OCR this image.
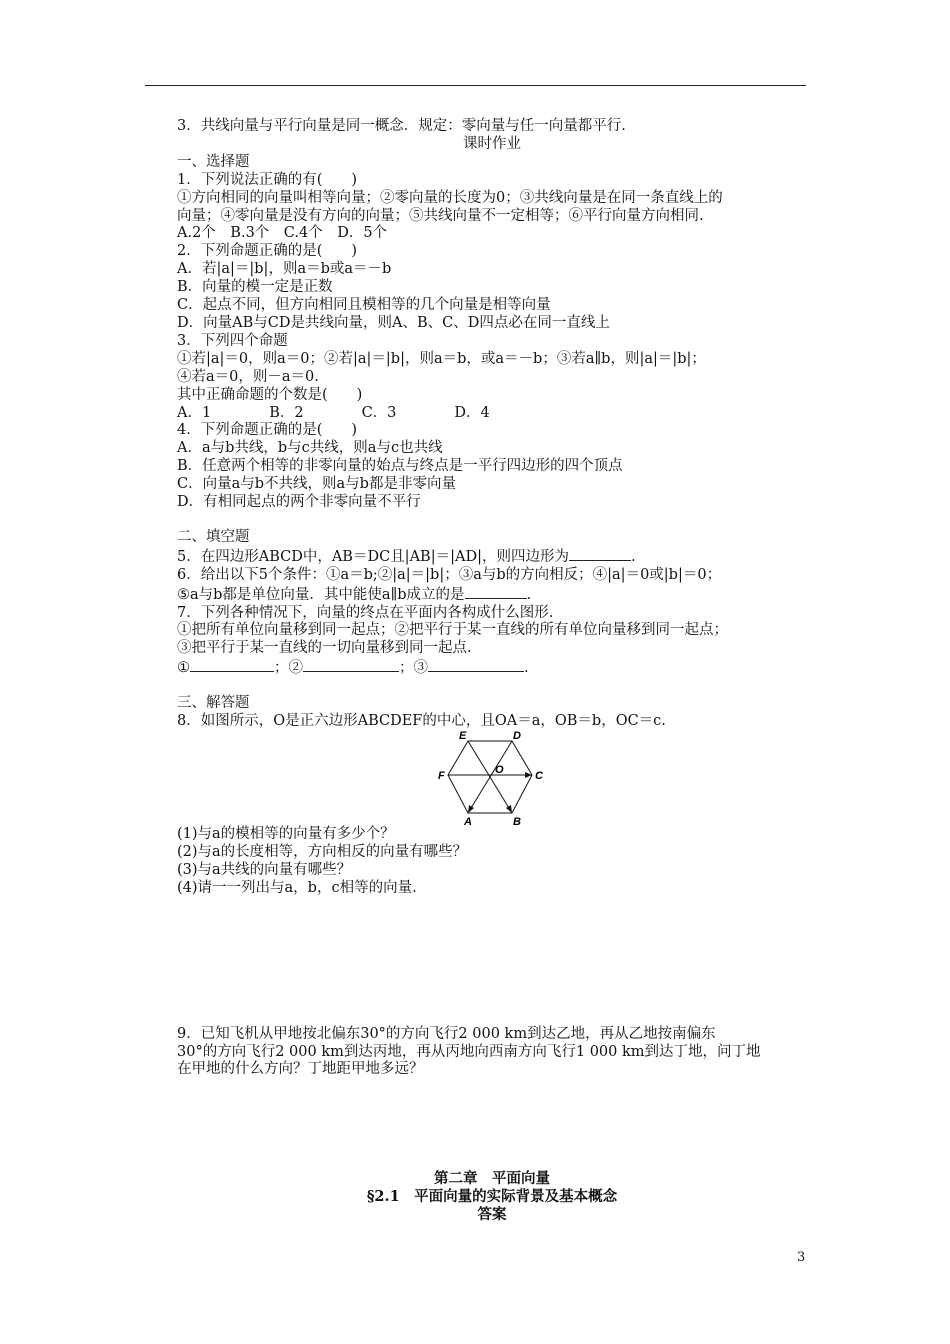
3．共线向量与平行向量是同一概念．规定：零向量与任一向量都平行.
课时作业
一、选择题
1．下列说法正确的有(　　)
①方向相同的向量叫相等向量；②零向量的长度为0；③共线向量是在同一条直线上的
向量；④零向量是没有方向的向量；⑤共线向量不一定相等；⑥平行向量方向相同.
A.2个　B.3个　C.4个　D．5个
2．下列命题正确的是(　　)
A．若|a|＝|b|，则a＝b或a＝－b
B．向量的模一定是正数
C．起点不同，但方向相同且模相等的几个向量是相等向量
D．向量AB与CD是共线向量，则A、B、C、D四点必在同一直线上
3．下列四个命题
①若|a|＝0，则a＝0；②若|a|＝|b|，则a＝b，或a＝－b；③若a∥b，则|a|＝|b|；
④若a＝0，则－a＝0.
其中正确命题的个数是(　　)
A．1　　　　B．2　　　　C．3　　　　D．4
4．下列命题正确的是(　　)
A．a与b共线，b与c共线，则a与c也共线
B．任意两个相等的非零向量的始点与终点是一平行四边形的四个顶点
C．向量a与b不共线，则a与b都是非零向量
D．有相同起点的两个非零向量不平行
二、填空题
5．在四边形ABCD中，AB＝DC且|AB|＝|AD|，则四边形为	.
6．给出以下5个条件：①a＝b;②|a|＝|b|；③a与b的方向相反；④|a|＝0或|b|＝0；
⑤a与b都是单位向量．其中能使a∥b成立的是	.
7．下列各种情况下，向量的终点在平面内各构成什么图形.
①把所有单位向量移到同一起点；②把平行于某一直线的所有单位向量移到同一起点；
③把平行于某一直线的一切向量移到同一起点.
①	；②	；③	.
三、解答题
8．如图所示，O是正六边形ABCDEF的中心，且OA＝a，OB＝b，OC＝c.
E	D
F	O	C
A	B
(1)与a的模相等的向量有多少个？
(2)与a的长度相等，方向相反的向量有哪些？
(3)与a共线的向量有哪些？
(4)请一一列出与a，b，c相等的向量.
9．已知飞机从甲地按北偏东30°的方向飞行2 000 km到达乙地，再从乙地按南偏东
30°的方向飞行2 000 km到达丙地，再从丙地向西南方向飞行1 000 km到达丁地，问丁地
在甲地的什么方向？丁地距甲地多远？
第二章　平面向量
§2.1　平面向量的实际背景及基本概念
答案
3
